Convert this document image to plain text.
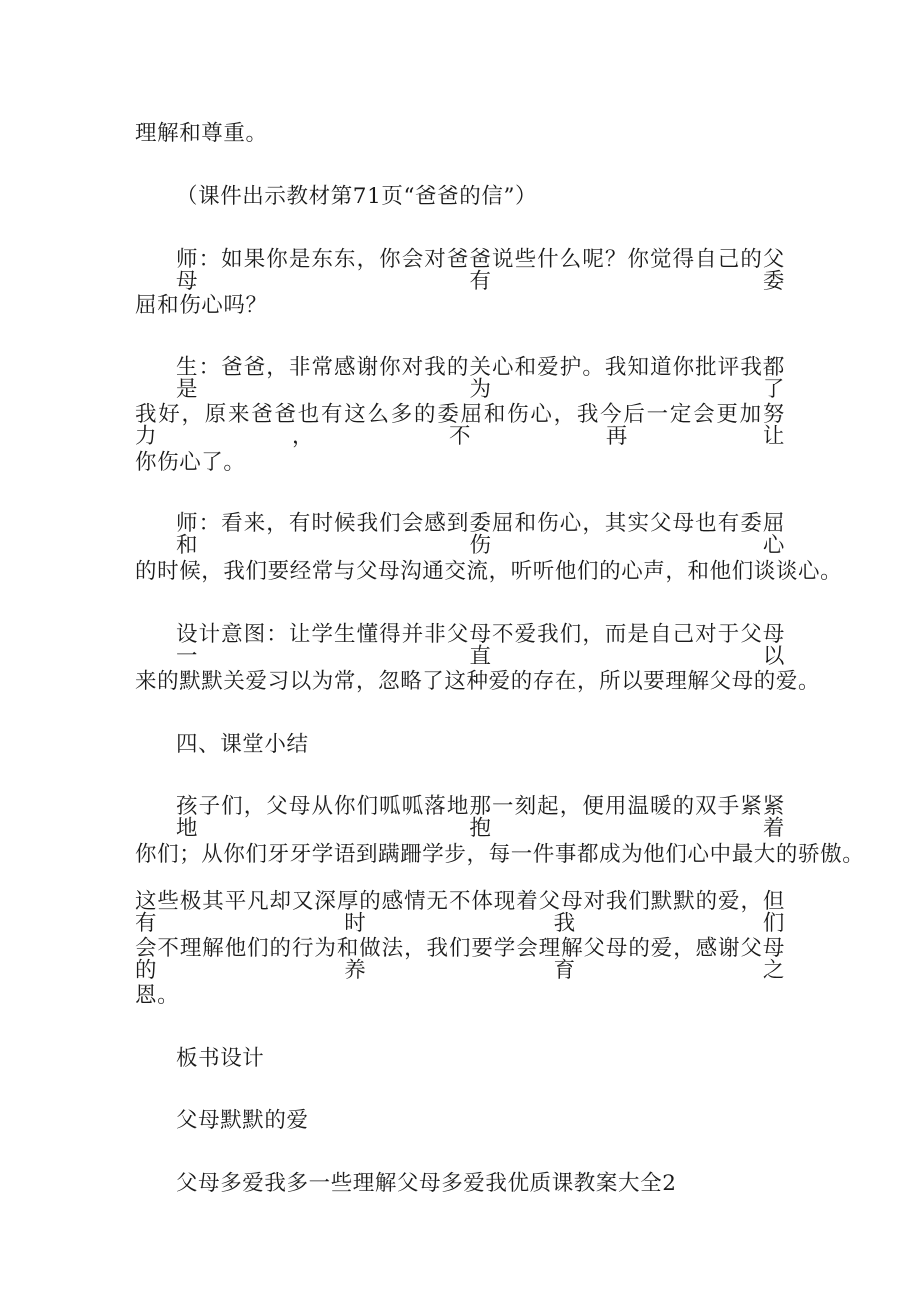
理解和尊重。
（课件出示教材第71页“爸爸的信”）
师：如果你是东东，你会对爸爸说些什么呢？你觉得自己的父母有委
屈和伤心吗？
生：爸爸，非常感谢你对我的关心和爱护。我知道你批评我都是为了
我好，原来爸爸也有这么多的委屈和伤心，我今后一定会更加努力，不再让
你伤心了。
师：看来，有时候我们会感到委屈和伤心，其实父母也有委屈和伤心
的时候，我们要经常与父母沟通交流，听听他们的心声，和他们谈谈心。
设计意图：让学生懂得并非父母不爱我们，而是自己对于父母一直以
来的默默关爱习以为常，忽略了这种爱的存在，所以要理解父母的爱。
四、课堂小结
孩子们，父母从你们呱呱落地那一刻起，便用温暖的双手紧紧地抱着
你们；从你们牙牙学语到蹒跚学步，每一件事都成为他们心中最大的骄傲。
这些极其平凡却又深厚的感情无不体现着父母对我们默默的爱，但有时我们
会不理解他们的行为和做法，我们要学会理解父母的爱，感谢父母的养育之
恩。
板书设计
父母默默的爱
父母多爱我多一些理解父母多爱我优质课教案大全2
